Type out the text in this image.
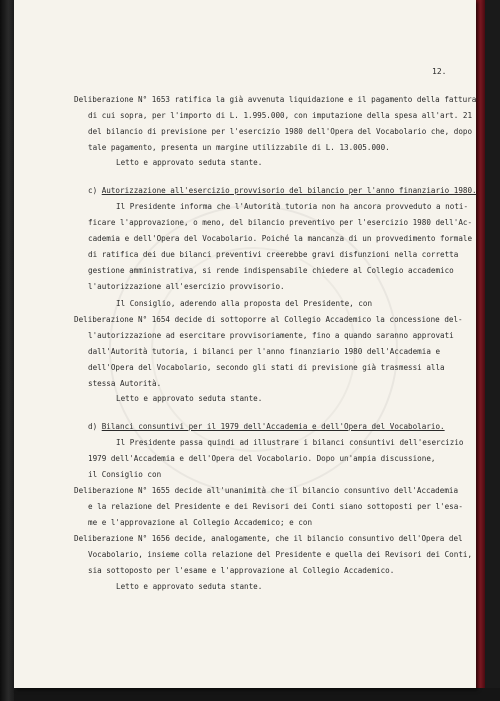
12.

Deliberazione N° 1653 ratifica la già avvenuta liquidazione e il pagamento della fattura

di cui sopra, per l'importo di L. 1.995.000, con imputazione della spesa all'art. 21

del bilancio di previsione per l'esercizio 1980 dell'Opera del Vocabolario che, dopo

tale pagamento, presenta un margine utilizzabile di L. 13.005.000.

Letto e approvato seduta stante.

c) Autorizzazione all'esercizio provvisorio del bilancio per l'anno finanziario 1980.

Il Presidente informa che l'Autorità tutoria non ha ancora provveduto a noti-

ficare l'approvazione, o meno, del bilancio preventivo per l'esercizio 1980 dell'Ac-

cademia e dell'Opera del Vocabolario. Poiché la mancanza di un provvedimento formale

di ratifica dei due bilanci preventivi creerebbe gravi disfunzioni nella corretta

gestione amministrativa, si rende indispensabile chiedere al Collegio accademico

l'autorizzazione all'esercizio provvisorio.

Il Consiglio, aderendo alla proposta del Presidente, con

Deliberazione N° 1654 decide di sottoporre al Collegio Accademico la concessione del-

l'autorizzazione ad esercitare provvisoriamente, fino a quando saranno approvati

dall'Autorità tutoria, i bilanci per l'anno finanziario 1980 dell'Accademia e

dell'Opera del Vocabolario, secondo gli stati di previsione già trasmessi alla

stessa Autorità.

Letto e approvato seduta stante.

d) Bilanci consuntivi per il 1979 dell'Accademia e dell'Opera del Vocabolario.

Il Presidente passa quindi ad illustrare i bilanci consuntivi dell'esercizio

1979 dell'Accademia e dell'Opera del Vocabolario. Dopo un'ampia discussione,

il Consiglio con

Deliberazione N° 1655 decide all'unanimità che il bilancio consuntivo dell'Accademia

e la relazione del Presidente e dei Revisori dei Conti siano sottoposti per l'esa-

me e l'approvazione al Collegio Accademico; e con

Deliberazione N° 1656 decide, analogamente, che il bilancio consuntivo dell'Opera del

Vocabolario, insieme colla relazione del Presidente e quella dei Revisori dei Conti,

sia sottoposto per l'esame e l'approvazione al Collegio Accademico.

Letto e approvato seduta stante.
